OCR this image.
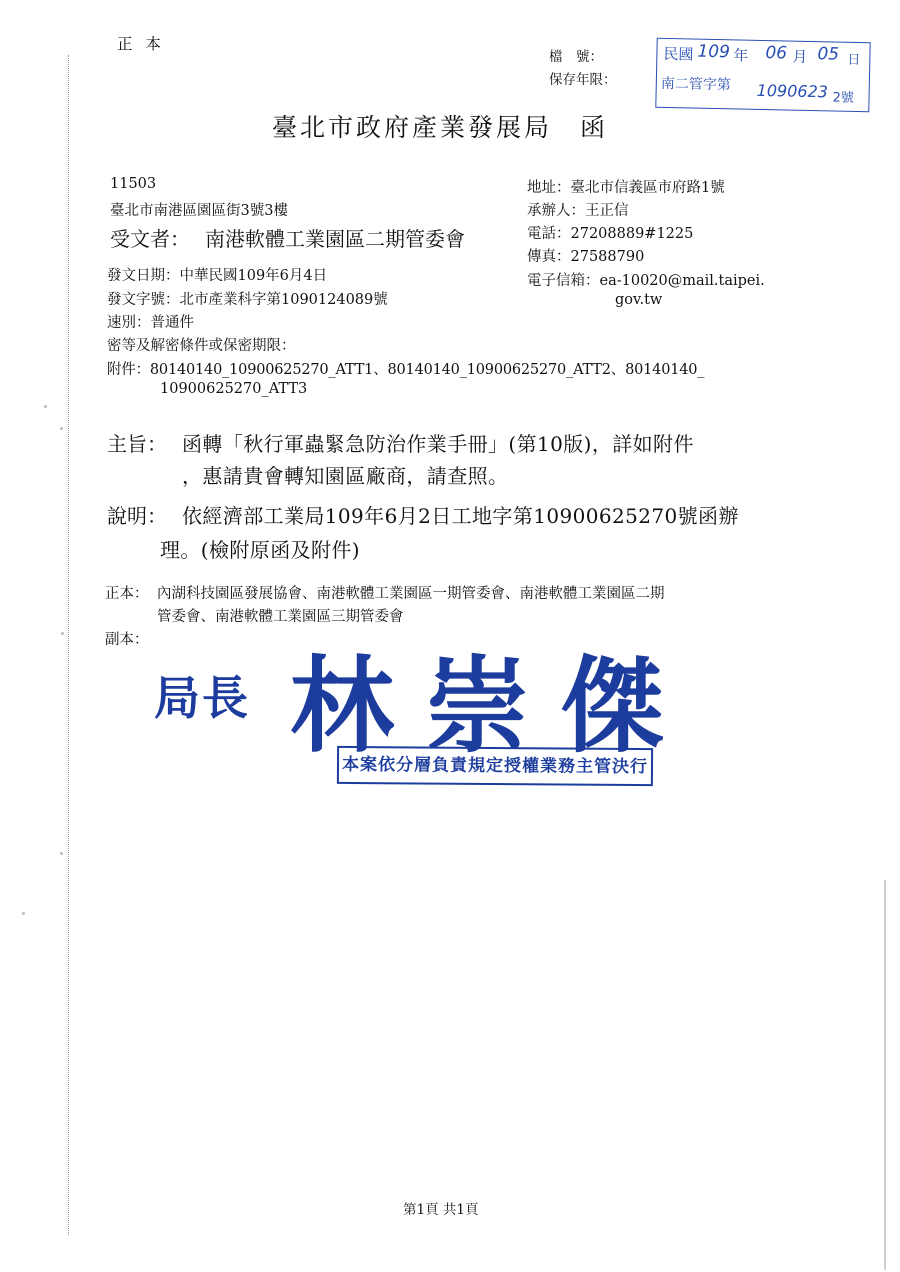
正 本
檔　號：
保存年限：
民國 109 年 06 月 05 日
南二管字第 1090623 2號
臺北市政府產業發展局　函
11503
臺北市南港區園區街3號3樓
受文者： 南港軟體工業園區二期管委會
地址：臺北市信義區市府路1號
承辦人：王正信
電話：27208889#1225
傳真：27588790
電子信箱：ea-10020@mail.taipei.
gov.tw
發文日期：中華民國109年6月4日
發文字號：北市產業科字第1090124089號
速別：普通件
密等及解密條件或保密期限：
附件：80140140_10900625270_ATT1、80140140_10900625270_ATT2、80140140_
10900625270_ATT3
主旨： 函轉「秋行軍蟲緊急防治作業手冊」(第10版)，詳如附件
，惠請貴會轉知園區廠商，請查照。
說明： 依經濟部工業局109年6月2日工地字第10900625270號函辦
理。(檢附原函及附件)
正本： 內湖科技園區發展協會、南港軟體工業園區一期管委會、南港軟體工業園區二期
管委會、南港軟體工業園區三期管委會
副本：
局長 林 崇 傑
本案依分層負責規定授權業務主管決行
第1頁 共1頁
